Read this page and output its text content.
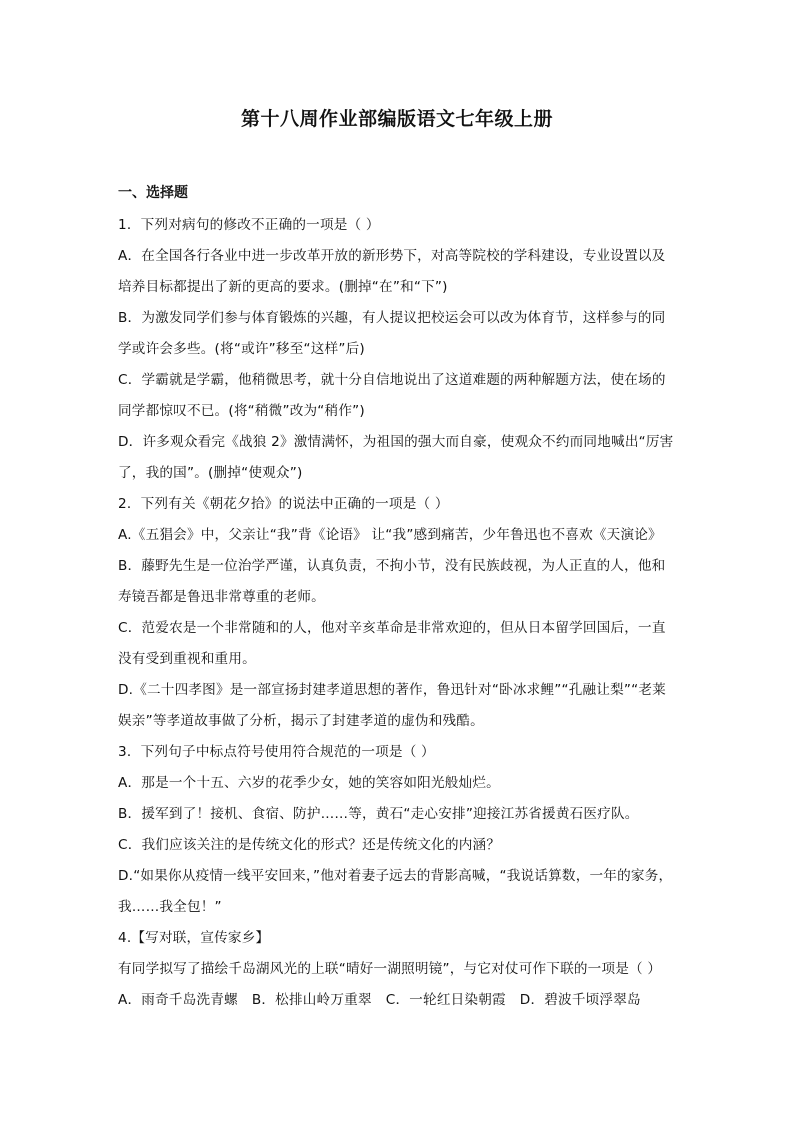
第十八周作业部编版语文七年级上册
一、选择题

1．下列对病句的修改不正确的一项是（ ）

A．在全国各行各业中进一步改革开放的新形势下，对高等院校的学科建设，专业设置以及

培养目标都提出了新的更高的要求。(删掉“在”和“下”)

B．为激发同学们参与体育锻炼的兴趣，有人提议把校运会可以改为体育节，这样参与的同

学或许会多些。(将“或许”移至“这样”后)

C．学霸就是学霸，他稍微思考，就十分自信地说出了这道难题的两种解题方法，使在场的

同学都惊叹不已。(将“稍微”改为“稍作”)

D．许多观众看完《战狼 2》激情满怀，为祖国的强大而自豪，使观众不约而同地喊出“厉害

了，我的国”。(删掉“使观众”)

2．下列有关《朝花夕拾》的说法中正确的一项是（ ）

A.《五猖会》中，父亲让“我”背《论语》 让“我”感到痛苦，少年鲁迅也不喜欢《天演论》

B．藤野先生是一位治学严谨，认真负责，不拘小节，没有民族歧视，为人正直的人，他和

寿镜吾都是鲁迅非常尊重的老师。

C．范爱农是一个非常随和的人，他对辛亥革命是非常欢迎的，但从日本留学回国后，一直

没有受到重视和重用。

D.《二十四孝图》是一部宣扬封建孝道思想的著作，鲁迅针对“卧冰求鲤”“孔融让梨”“老莱

娱亲”等孝道故事做了分析，揭示了封建孝道的虚伪和残酷。

3．下列句子中标点符号使用符合规范的一项是（ ）

A．那是一个十五、六岁的花季少女，她的笑容如阳光般灿烂。

B．援军到了！接机、食宿、防护……等，黄石“走心安排”迎接江苏省援黄石医疗队。

C．我们应该关注的是传统文化的形式？还是传统文化的内涵？

D.“如果你从疫情一线平安回来，”他对着妻子远去的背影高喊，“我说话算数，一年的家务，

我……我全包！”

4.【写对联，宣传家乡】

有同学拟写了描绘千岛湖风光的上联“晴好一湖照明镜”，与它对仗可作下联的一项是（ ）

A．雨奇千岛洗青螺 B．松排山岭万重翠 C．一轮红日染朝霞 D．碧波千顷浮翠岛
